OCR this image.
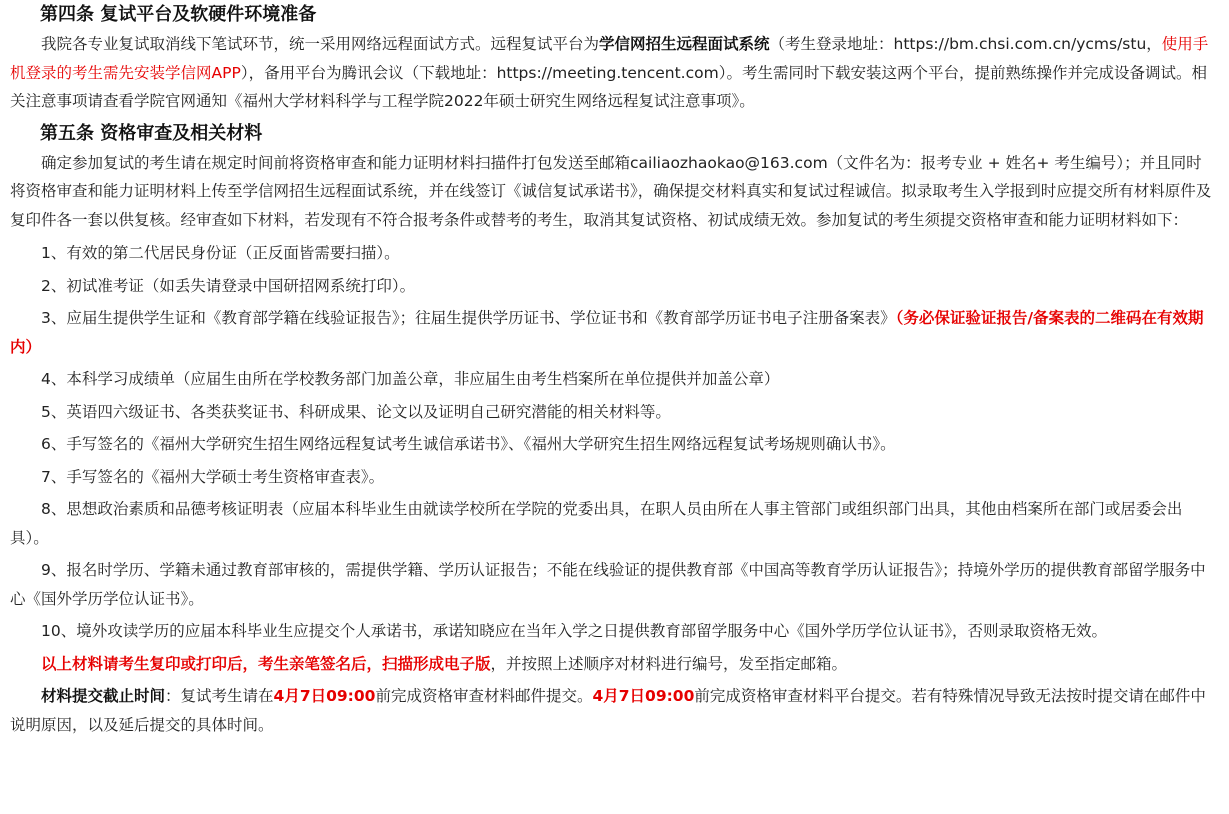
第四条 复试平台及软硬件环境准备

我院各专业复试取消线下笔试环节，统一采用网络远程面试方式。远程复试平台为学信网招生远程面试系统（考生登录地址：https://bm.chsi.com.cn/ycms/stu，使用手机登录的考生需先安装学信网APP），备用平台为腾讯会议（下载地址：https://meeting.tencent.com）。考生需同时下载安装这两个平台，提前熟练操作并完成设备调试。相关注意事项请查看学院官网通知《福州大学材料科学与工程学院2022年硕士研究生网络远程复试注意事项》。

第五条 资格审查及相关材料

确定参加复试的考生请在规定时间前将资格审查和能力证明材料扫描件打包发送至邮箱cailiaozhaokao@163.com（文件名为：报考专业 + 姓名+ 考生编号）；并且同时将资格审查和能力证明材料上传至学信网招生远程面试系统，并在线签订《诚信复试承诺书》，确保提交材料真实和复试过程诚信。拟录取考生入学报到时应提交所有材料原件及复印件各一套以供复核。经审查如下材料，若发现有不符合报考条件或替考的考生，取消其复试资格、初试成绩无效。参加复试的考生须提交资格审查和能力证明材料如下：

1、有效的第二代居民身份证（正反面皆需要扫描）。

2、初试准考证（如丢失请登录中国研招网系统打印）。

3、应届生提供学生证和《教育部学籍在线验证报告》；往届生提供学历证书、学位证书和《教育部学历证书电子注册备案表》（务必保证验证报告/备案表的二维码在有效期内）

4、本科学习成绩单（应届生由所在学校教务部门加盖公章，非应届生由考生档案所在单位提供并加盖公章）

5、英语四六级证书、各类获奖证书、科研成果、论文以及证明自己研究潜能的相关材料等。

6、手写签名的《福州大学研究生招生网络远程复试考生诚信承诺书》、《福州大学研究生招生网络远程复试考场规则确认书》。

7、手写签名的《福州大学硕士考生资格审查表》。

8、思想政治素质和品德考核证明表（应届本科毕业生由就读学校所在学院的党委出具，在职人员由所在人事主管部门或组织部门出具，其他由档案所在部门或居委会出具）。

9、报名时学历、学籍未通过教育部审核的，需提供学籍、学历认证报告；不能在线验证的提供教育部《中国高等教育学历认证报告》；持境外学历的提供教育部留学服务中心《国外学历学位认证书》。

10、境外攻读学历的应届本科毕业生应提交个人承诺书，承诺知晓应在当年入学之日提供教育部留学服务中心《国外学历学位认证书》，否则录取资格无效。

以上材料请考生复印或打印后，考生亲笔签名后，扫描形成电子版，并按照上述顺序对材料进行编号，发至指定邮箱。

材料提交截止时间：复试考生请在4月7日09:00前完成资格审查材料邮件提交。4月7日09:00前完成资格审查材料平台提交。若有特殊情况导致无法按时提交请在邮件中说明原因，以及延后提交的具体时间。
